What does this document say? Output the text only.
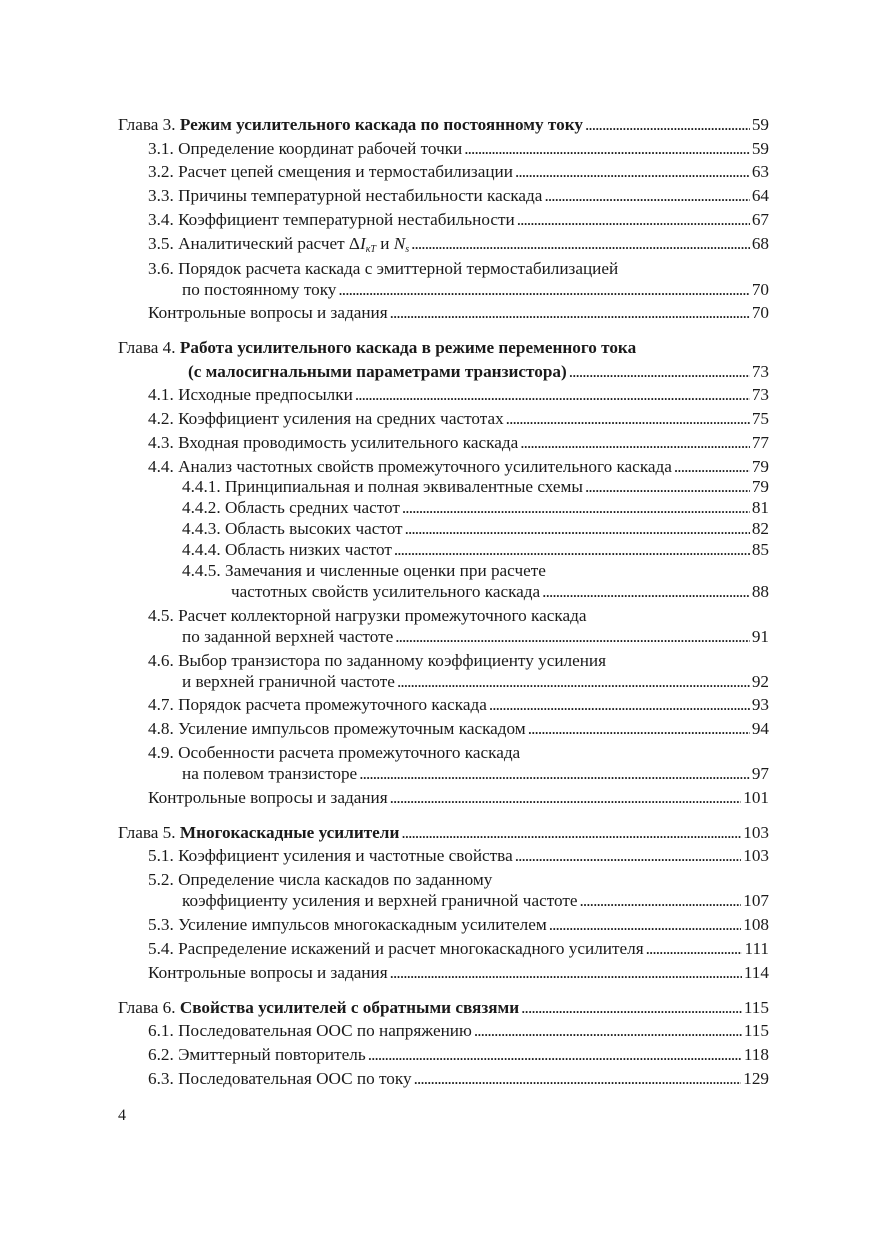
Глава 3. Режим усилительного каскада по постоянному току . . .	59
3.1. Определение координат рабочей точки . . .	59
3.2. Расчет цепей смещения и термостабилизации . . .	63
3.3. Причины температурной нестабильности каскада . . .	64
3.4. Коэффициент температурной нестабильности . . .	67
3.5. Аналитический расчет $\Delta I_{кТ}$ и $N_s$ . . .	68
3.6. Порядок расчета каскада с эмиттерной термостабилизацией
по постоянному току . . .	70
Контрольные вопросы и задания . . .	70
Глава 4. Работа усилительного каскада в режиме переменного тока
(с малосигнальными параметрами транзистора) . . .	73
4.1. Исходные предпосылки . . .	73
4.2. Коэффициент усиления на средних частотах . . .	75
4.3. Входная проводимость усилительного каскада . . .	77
4.4. Анализ частотных свойств промежуточного усилительного каскада . . .	79
4.4.1. Принципиальная и полная эквивалентные схемы . . .	79
4.4.2. Область средних частот . . .	81
4.4.3. Область высоких частот . . .	82
4.4.4. Область низких частот . . .	85
4.4.5. Замечания и численные оценки при расчете
частотных свойств усилительного каскада . . .	88
4.5. Расчет коллекторной нагрузки промежуточного каскада
по заданной верхней частоте . . .	91
4.6. Выбор транзистора по заданному коэффициенту усиления
и верхней граничной частоте . . .	92
4.7. Порядок расчета промежуточного каскада . . .	93
4.8. Усиление импульсов промежуточным каскадом . . .	94
4.9. Особенности расчета промежуточного каскада
на полевом транзисторе . . .	97
Контрольные вопросы и задания . . .	101
Глава 5. Многокаскадные усилители . . .	103
5.1. Коэффициент усиления и частотные свойства . . .	103
5.2. Определение числа каскадов по заданному
коэффициенту усиления и верхней граничной частоте . . .	107
5.3. Усиление импульсов многокаскадным усилителем . . .	108
5.4. Распределение искажений и расчет многокаскадного усилителя . . .	111
Контрольные вопросы и задания . . .	114
Глава 6. Свойства усилителей с обратными связями . . .	115
6.1. Последовательная ООС по напряжению . . .	115
6.2. Эмиттерный повторитель . . .	118
6.3. Последовательная ООС по току . . .	129
4
